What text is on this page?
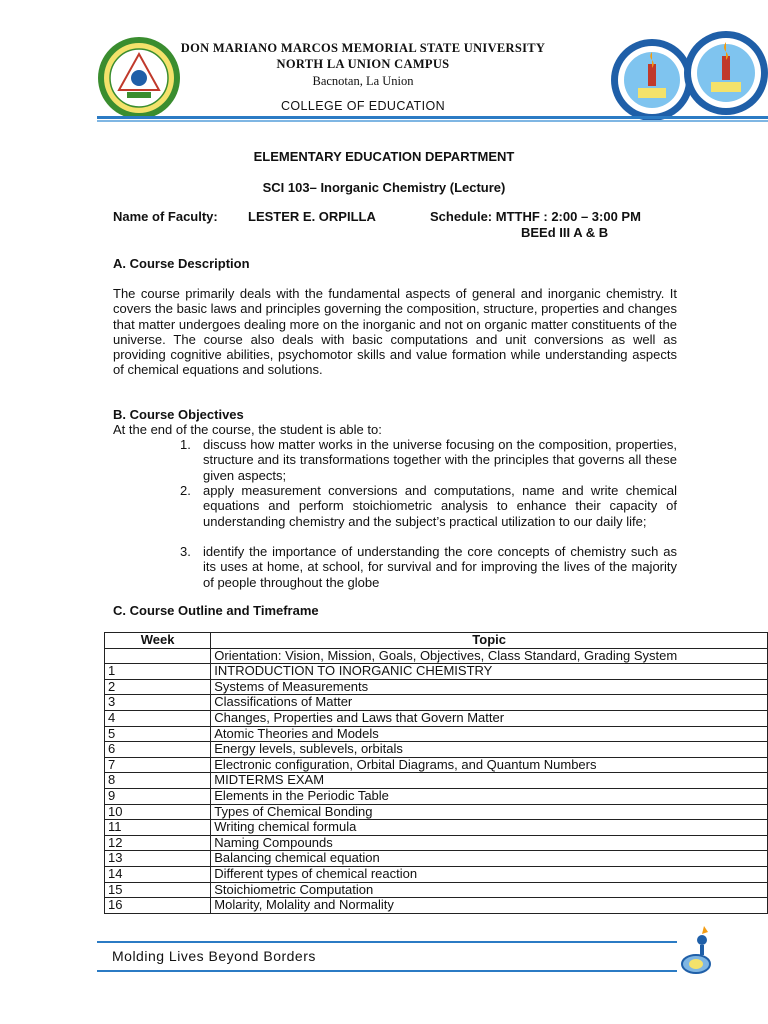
DON MARIANO MARCOS MEMORIAL STATE UNIVERSITY
NORTH LA UNION CAMPUS
Bacnotan, La Union
COLLEGE OF EDUCATION
ELEMENTARY EDUCATION DEPARTMENT
SCI 103– Inorganic Chemistry (Lecture)
Name of Faculty: LESTER E. ORPILLA	Schedule: MTTHF : 2:00 – 3:00 PM
BEEd III A & B
A. Course Description
The course primarily deals with the fundamental aspects of general and inorganic chemistry. It covers the basic laws and principles governing the composition, structure, properties and changes that matter undergoes dealing more on the inorganic and not on organic matter constituents of the universe. The course also deals with basic computations and unit conversions as well as providing cognitive abilities, psychomotor skills and value formation while understanding aspects of chemical equations and solutions.
B. Course Objectives
At the end of the course, the student is able to:
1. discuss how matter works in the universe focusing on the composition, properties, structure and its transformations together with the principles that governs all these given aspects;
2. apply measurement conversions and computations, name and write chemical equations and perform stoichiometric analysis to enhance their capacity of understanding chemistry and the subject’s practical utilization to our daily life;
3. identify the importance of understanding the core concepts of chemistry such as its uses at home, at school, for survival and for improving the lives of the majority of people throughout the globe
C. Course Outline and Timeframe
Week	Topic
	Orientation: Vision, Mission, Goals, Objectives, Class Standard, Grading System
1	INTRODUCTION TO INORGANIC CHEMISTRY
2	Systems of Measurements
3	Classifications of Matter
4	Changes, Properties and Laws that Govern Matter
5	Atomic Theories and Models
6	Energy levels, sublevels, orbitals
7	Electronic configuration, Orbital Diagrams, and Quantum Numbers
8	MIDTERMS EXAM
9	Elements in the Periodic Table
10	Types of Chemical Bonding
11	Writing chemical formula
12	Naming Compounds
13	Balancing chemical equation
14	Different types of chemical reaction
15	Stoichiometric Computation
16	Molarity, Molality and Normality
Molding Lives Beyond Borders
